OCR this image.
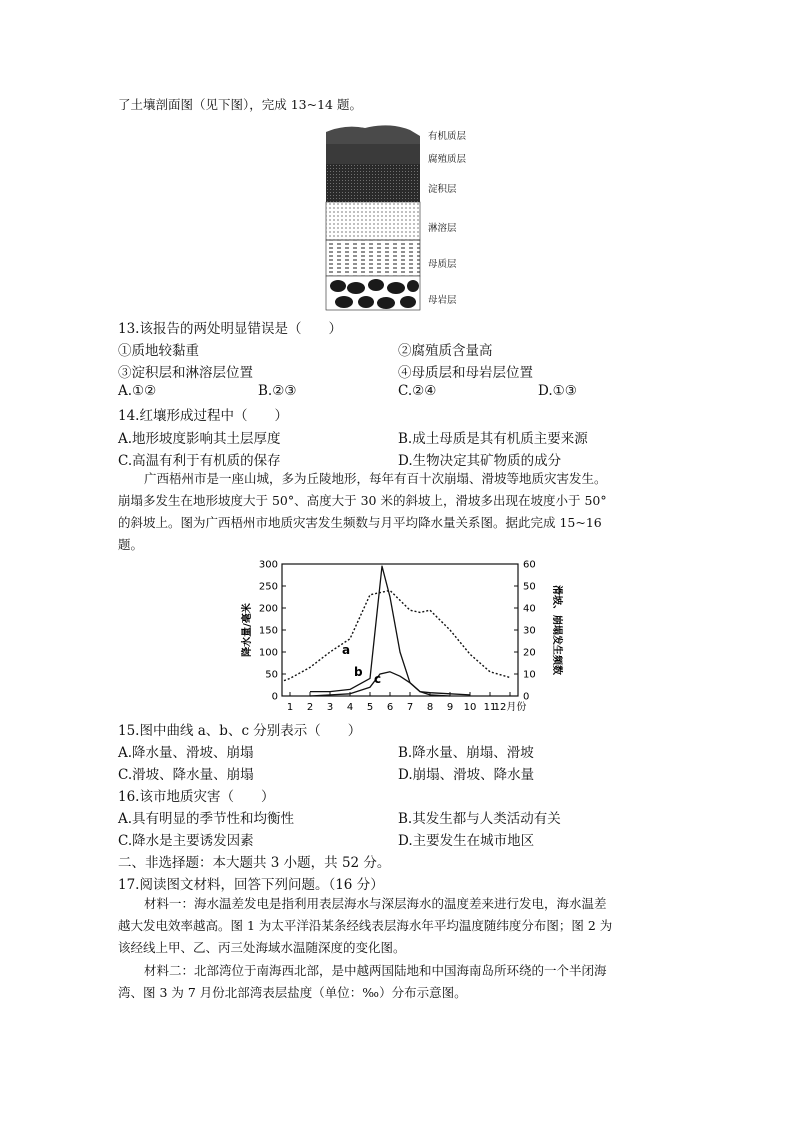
了土壤剖面图（见下图），完成 13~14 题。
有机质层
腐殖质层
淀积层
淋溶层
母质层
母岩层
13.该报告的两处明显错误是（　　）
①质地较黏重	②腐殖质含量高
③淀积层和淋溶层位置	④母质层和母岩层位置
A.①②	B.②③	C.②④	D.①③
14.红壤形成过程中（　　）
A.地形坡度影响其土层厚度	B.成土母质是其有机质主要来源
C.高温有利于有机质的保存	D.生物决定其矿物质的成分
广西梧州市是一座山城，多为丘陵地形，每年有百十次崩塌、滑坡等地质灾害发生。
崩塌多发生在地形坡度大于 50°、高度大于 30 米的斜坡上，滑坡多出现在坡度小于 50°
的斜坡上。图为广西梧州市地质灾害发生频数与月平均降水量关系图。据此完成 15~16
题。
0
50
100
150
200
250
300
0
10
20
30
40
50
60
1 2 3 4 5 6 7 8 9 10 11
12月份
降水量/毫米	滑坡、崩塌发生频数
a
b c
15.图中曲线 a、b、c 分别表示（　　）
A.降水量、滑坡、崩塌	B.降水量、崩塌、滑坡
C.滑坡、降水量、崩塌	D.崩塌、滑坡、降水量
16.该市地质灾害（　　）
A.具有明显的季节性和均衡性	B.其发生都与人类活动有关
C.降水是主要诱发因素	D.主要发生在城市地区
二、非选择题：本大题共 3 小题，共 52 分。
17.阅读图文材料，回答下列问题。（16 分）
材料一：海水温差发电是指利用表层海水与深层海水的温度差来进行发电，海水温差
越大发电效率越高。图 1 为太平洋沿某条经线表层海水年平均温度随纬度分布图；图 2 为
该经线上甲、乙、丙三处海域水温随深度的变化图。
材料二：北部湾位于南海西北部，是中越两国陆地和中国海南岛所环绕的一个半闭海
湾、图 3 为 7 月份北部湾表层盐度（单位：‰）分布示意图。
